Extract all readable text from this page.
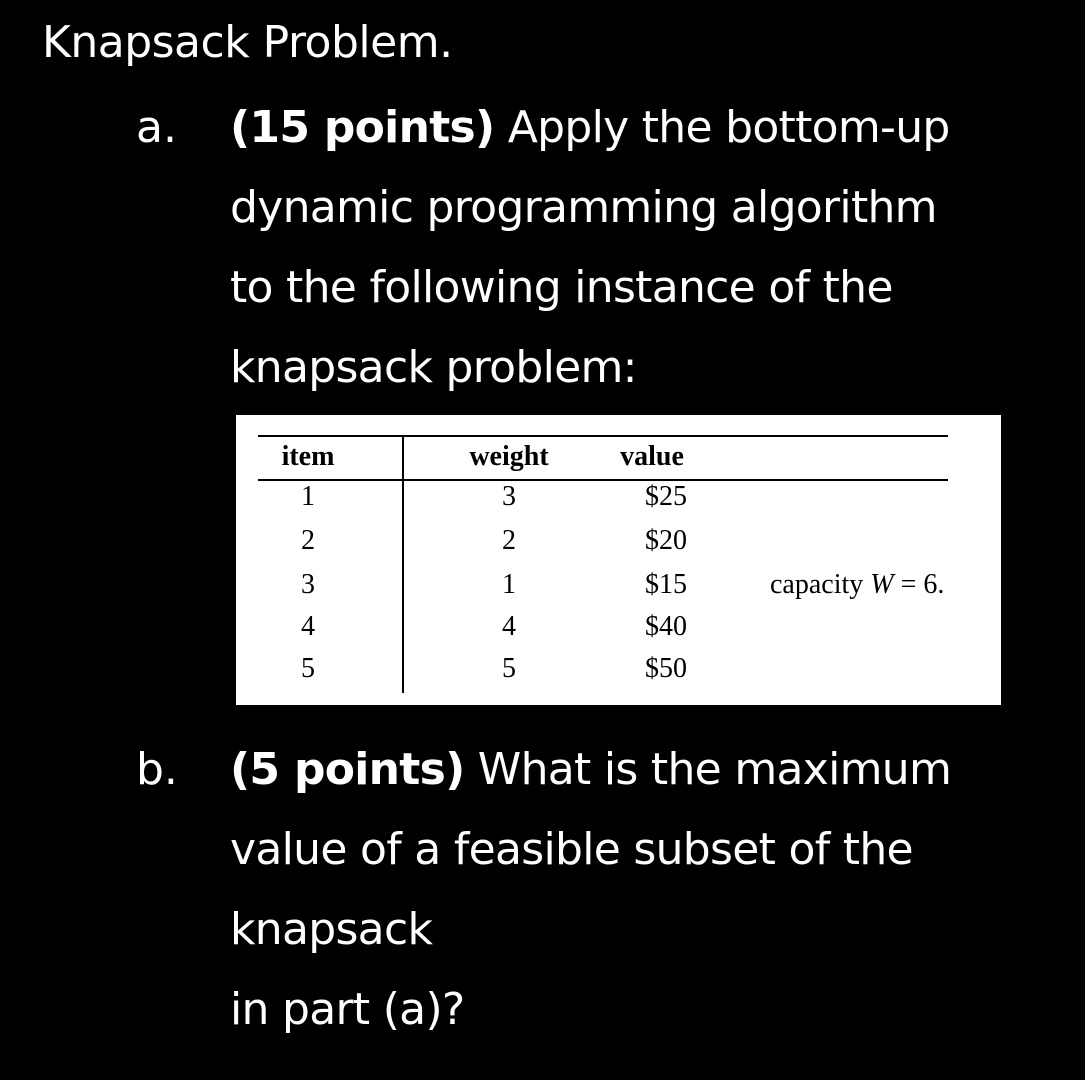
Knapsack Problem.
a. (15 points) Apply the bottom-up
dynamic programming algorithm
to the following instance of the
knapsack problem:
item	weight	value
1	3	$25
2	2	$20
3	1	$15
4	4	$40
5	5	$50
capacity W = 6.
b. (5 points) What is the maximum
value of a feasible subset of the
knapsack
in part (a)?
